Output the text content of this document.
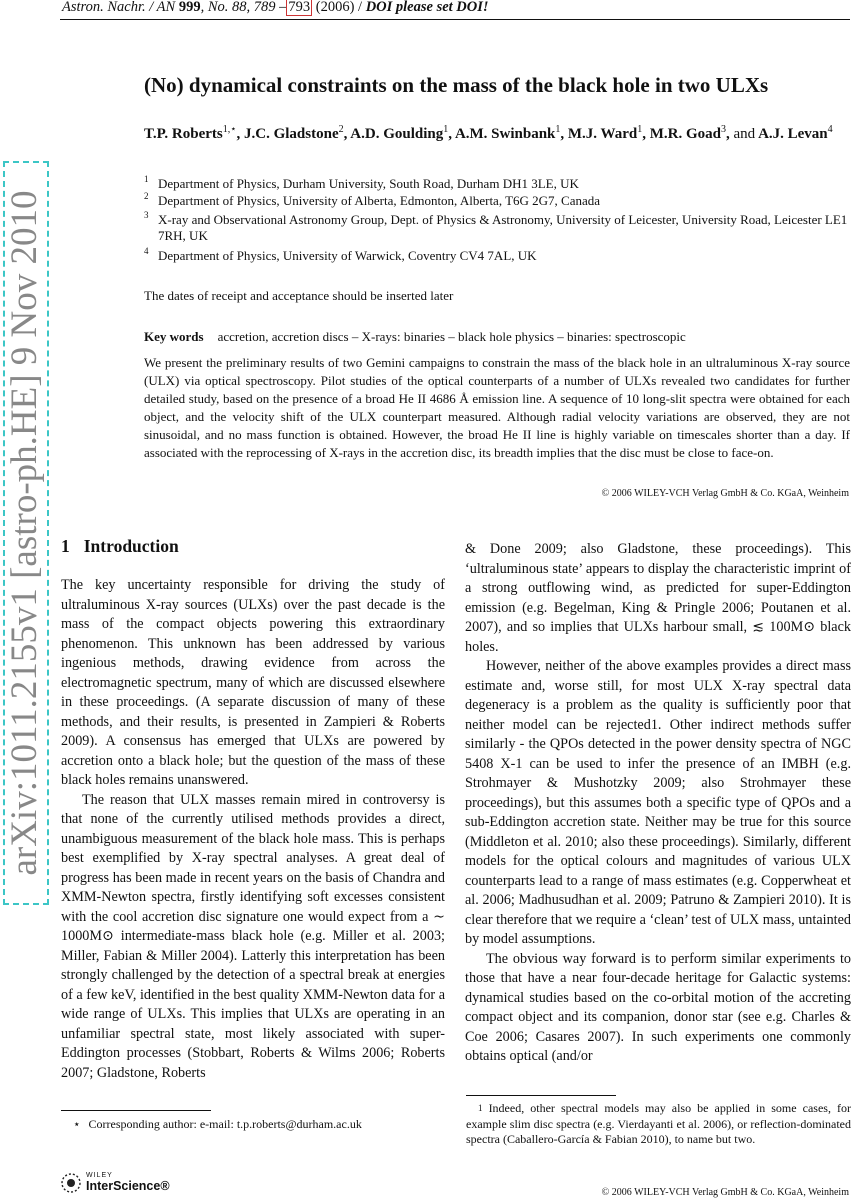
Astron. Nachr. / AN 999, No. 88, 789 – 793 (2006) / DOI please set DOI!
arXiv:1011.2155v1 [astro-ph.HE] 9 Nov 2010
(No) dynamical constraints on the mass of the black hole in two ULXs
T.P. Roberts$^{1,⋆}$, J.C. Gladstone$^2$, A.D. Goulding$^1$, A.M. Swinbank$^1$, M.J. Ward$^1$, M.R. Goad$^3$, and A.J. Levan$^4$
1 Department of Physics, Durham University, South Road, Durham DH1 3LE, UK
2 Department of Physics, University of Alberta, Edmonton, Alberta, T6G 2G7, Canada
3 X-ray and Observational Astronomy Group, Dept. of Physics & Astronomy, University of Leicester, University Road, Leicester LE1 7RH, UK
4 Department of Physics, University of Warwick, Coventry CV4 7AL, UK
The dates of receipt and acceptance should be inserted later
Key words accretion, accretion discs – X-rays: binaries – black hole physics – binaries: spectroscopic
We present the preliminary results of two Gemini campaigns to constrain the mass of the black hole in an ultraluminous X-ray source (ULX) via optical spectroscopy. Pilot studies of the optical counterparts of a number of ULXs revealed two candidates for further detailed study, based on the presence of a broad He II 4686 Å emission line. A sequence of 10 long-slit spectra were obtained for each object, and the velocity shift of the ULX counterpart measured. Although radial velocity variations are observed, they are not sinusoidal, and no mass function is obtained. However, the broad He II line is highly variable on timescales shorter than a day. If associated with the reprocessing of X-rays in the accretion disc, its breadth implies that the disc must be close to face-on.
© 2006 WILEY-VCH Verlag GmbH & Co. KGaA, Weinheim
1 Introduction

The key uncertainty responsible for driving the study of ultraluminous X-ray sources (ULXs) over the past decade is the mass of the compact objects powering this extraordinary phenomenon. This unknown has been addressed by various ingenious methods, drawing evidence from across the electromagnetic spectrum, many of which are discussed elsewhere in these proceedings. (A separate discussion of many of these methods, and their results, is presented in Zampieri & Roberts 2009). A consensus has emerged that ULXs are powered by accretion onto a black hole; but the question of the mass of these black holes remains unanswered.

The reason that ULX masses remain mired in controversy is that none of the currently utilised methods provides a direct, unambiguous measurement of the black hole mass. This is perhaps best exemplified by X-ray spectral analyses. A great deal of progress has been made in recent years on the basis of Chandra and XMM-Newton spectra, firstly identifying soft excesses consistent with the cool accretion disc signature one would expect from a ∼ 1000M⊙ intermediate-mass black hole (e.g. Miller et al. 2003; Miller, Fabian & Miller 2004). Latterly this interpretation has been strongly challenged by the detection of a spectral break at energies of a few keV, identified in the best quality XMM-Newton data for a wide range of ULXs. This implies that ULXs are operating in an unfamiliar spectral state, most likely associated with super-Eddington processes (Stobbart, Roberts & Wilms 2006; Roberts 2007; Gladstone, Roberts

& Done 2009; also Gladstone, these proceedings). This ‘ultraluminous state’ appears to display the characteristic imprint of a strong outflowing wind, as predicted for super-Eddington emission (e.g. Begelman, King & Pringle 2006; Poutanen et al. 2007), and so implies that ULXs harbour small, ≲ 100M⊙ black holes.

However, neither of the above examples provides a direct mass estimate and, worse still, for most ULX X-ray spectral data degeneracy is a problem as the quality is sufficiently poor that neither model can be rejected1. Other indirect methods suffer similarly - the QPOs detected in the power density spectra of NGC 5408 X-1 can be used to infer the presence of an IMBH (e.g. Strohmayer & Mushotzky 2009; also Strohmayer these proceedings), but this assumes both a specific type of QPOs and a sub-Eddington accretion state. Neither may be true for this source (Middleton et al. 2010; also these proceedings). Similarly, different models for the optical colours and magnitudes of various ULX counterparts lead to a range of mass estimates (e.g. Copperwheat et al. 2006; Madhusudhan et al. 2009; Patruno & Zampieri 2010). It is clear therefore that we require a ‘clean’ test of ULX mass, untainted by model assumptions.

The obvious way forward is to perform similar experiments to those that have a near four-decade heritage for Galactic systems: dynamical studies based on the co-orbital motion of the accreting compact object and its companion, donor star (see e.g. Charles & Coe 2006; Casares 2007). In such experiments one commonly obtains optical (and/or

⋆ Corresponding author: e-mail: t.p.roberts@durham.ac.uk
$^1$ Indeed, other spectral models may also be applied in some cases, for example slim disc spectra (e.g. Vierdayanti et al. 2006), or reflection-dominated spectra (Caballero-García & Fabian 2010), to name but two.
WILEY
InterScience®	© 2006 WILEY-VCH Verlag GmbH & Co. KGaA, Weinheim
